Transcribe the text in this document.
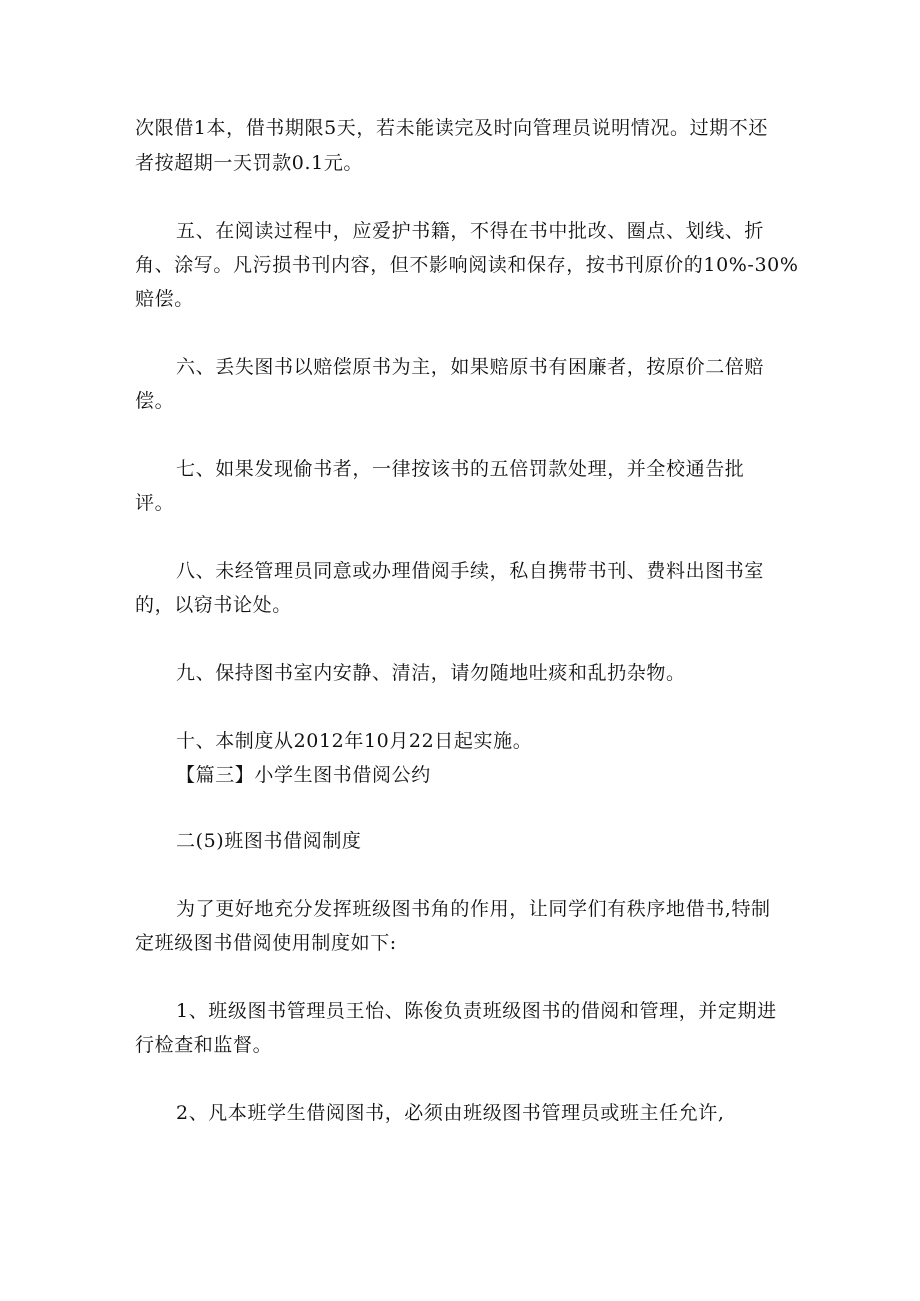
次限借1本，借书期限5天，若未能读完及时向管理员说明情况。过期不还
者按超期一天罚款0.1元。
五、在阅读过程中，应爱护书籍，不得在书中批改、圈点、划线、折
角、涂写。凡污损书刊内容，但不影响阅读和保存，按书刊原价的10%-30%
赔偿。
六、丢失图书以赔偿原书为主，如果赔原书有困廉者，按原价二倍赔
偿。
七、如果发现偷书者，一律按该书的五倍罚款处理，并全校通告批
评。
八、未经管理员同意或办理借阅手续，私自携带书刊、费料出图书室
的，以窃书论处。
九、保持图书室内安静、清洁，请勿随地吐痰和乱扔杂物。
十、本制度从2012年10月22日起实施。
【篇三】小学生图书借阅公约
二(5)班图书借阅制度
为了更好地充分发挥班级图书角的作用，让同学们有秩序地借书,特制
定班级图书借阅使用制度如下:
1、班级图书管理员王怡、陈俊负责班级图书的借阅和管理，并定期进
行检查和监督。
2、凡本班学生借阅图书，必须由班级图书管理员或班主任允许,
